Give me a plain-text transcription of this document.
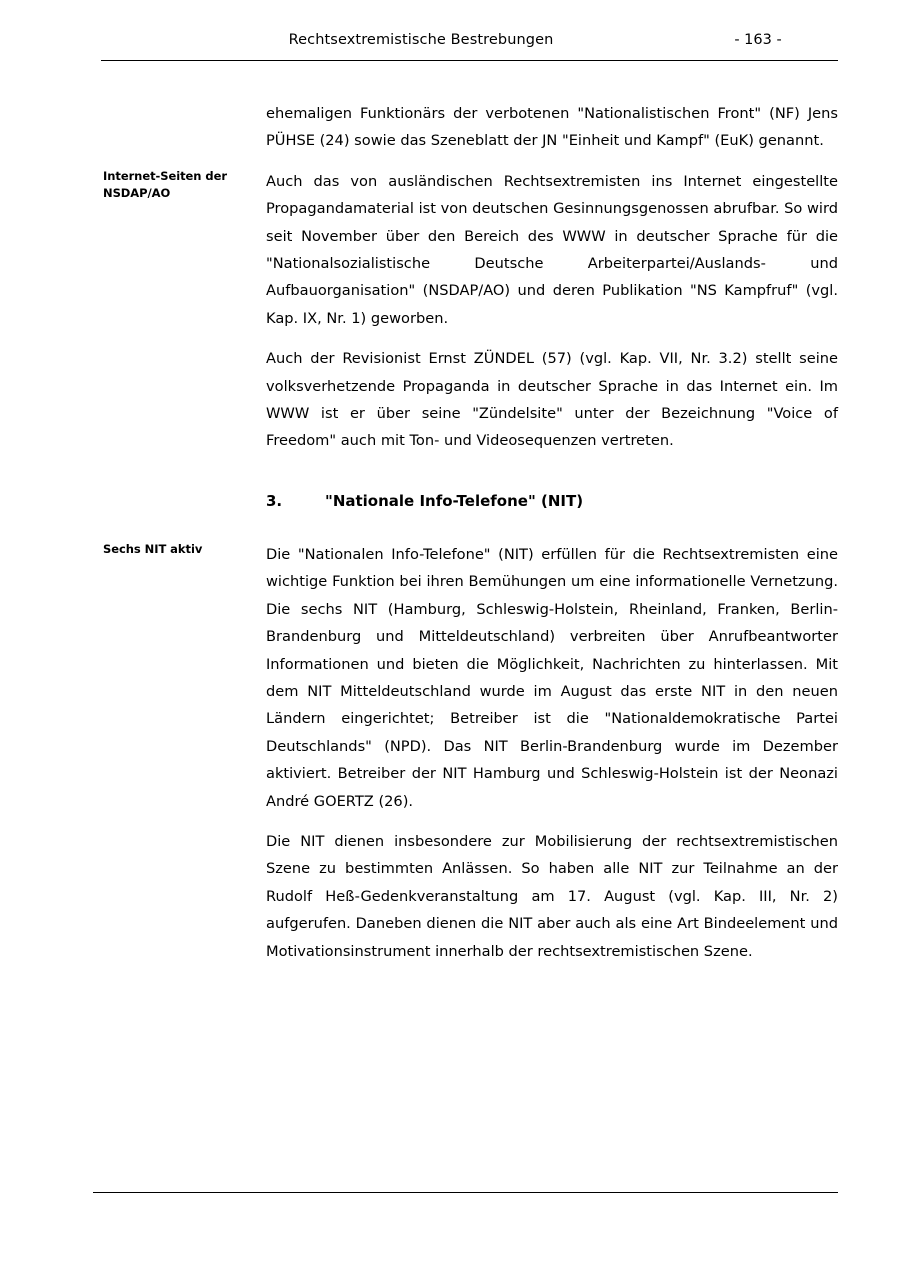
Rechtsextremistische Bestrebungen	- 163 -
ehemaligen Funktionärs der verbotenen "Nationalistischen Front" (NF) Jens PÜHSE (24) sowie das Szeneblatt der JN "Einheit und Kampf" (EuK) genannt.
Internet-Seiten der NSDAP/AO
Auch das von ausländischen Rechtsextremisten ins Internet eingestellte Propagandamaterial ist von deutschen Gesinnungsgenossen abrufbar. So wird seit November über den Bereich des WWW in deutscher Sprache für die "Nationalsozialistische Deutsche Arbeiterpartei/Auslands- und Aufbauorganisation" (NSDAP/AO) und deren Publikation "NS Kampfruf" (vgl. Kap. IX, Nr. 1) geworben.
Auch der Revisionist Ernst ZÜNDEL (57) (vgl. Kap. VII, Nr. 3.2) stellt seine volksverhetzende Propaganda in deutscher Sprache in das Internet ein. Im WWW ist er über seine "Zündelsite" unter der Bezeichnung "Voice of Freedom" auch mit Ton- und Videosequenzen vertreten.
3.	"Nationale Info-Telefone" (NIT)
Sechs NIT aktiv	Die "Nationalen Info-Telefone" (NIT) erfüllen für die Rechtsextremisten eine wichtige Funktion bei ihren Bemühungen um eine informationelle Vernetzung. Die sechs NIT (Hamburg, Schleswig-Holstein, Rheinland, Franken, Berlin-Brandenburg und Mitteldeutschland) verbreiten über Anrufbeantworter Informationen und bieten die Möglichkeit, Nachrichten zu hinterlassen. Mit dem NIT Mitteldeutschland wurde im August das erste NIT in den neuen Ländern eingerichtet; Betreiber ist die "Nationaldemokratische Partei Deutschlands" (NPD). Das NIT Berlin-Brandenburg wurde im Dezember aktiviert. Betreiber der NIT Hamburg und Schleswig-Holstein ist der Neonazi André GOERTZ (26).
Die NIT dienen insbesondere zur Mobilisierung der rechtsextremistischen Szene zu bestimmten Anlässen. So haben alle NIT zur Teilnahme an der Rudolf Heß-Gedenkveranstaltung am 17. August (vgl. Kap. III, Nr. 2) aufgerufen. Daneben dienen die NIT aber auch als eine Art Bindeelement und Motivationsinstrument innerhalb der rechtsextremistischen Szene.
